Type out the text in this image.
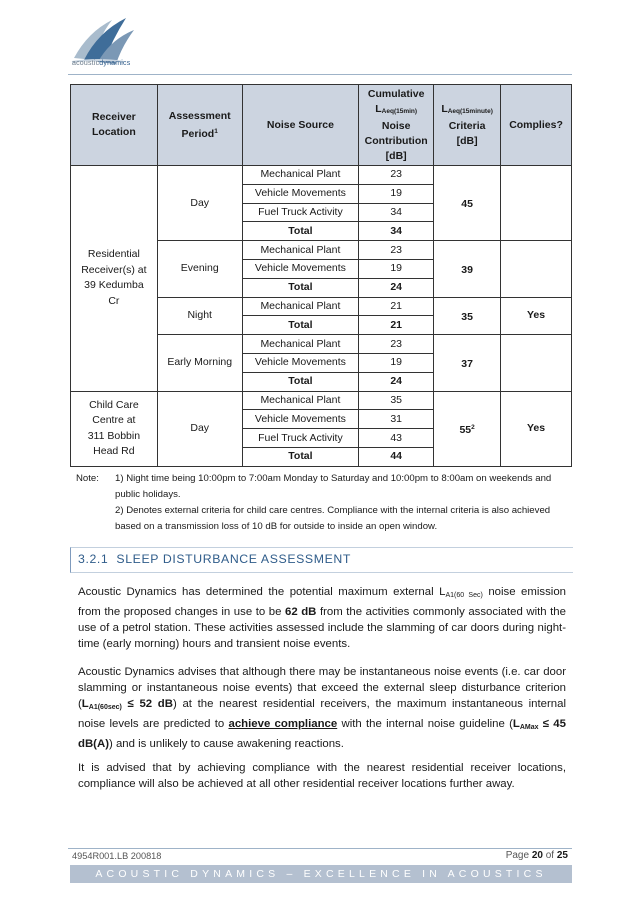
acousticdynamics
Receiver
Location	Assessment Period$^1$	Noise Source	Cumulative
LAeq(15min)
Noise
Contribution
[dB]	LAeq(15minute)
Criteria
[dB]	Complies?
Residential
Receiver(s) at
39 Kedumba
Cr	Day	Mechanical Plant	23	45	
		Vehicle Movements	19		
		Fuel Truck Activity	34		
		Total	34		
	Evening	Mechanical Plant	23	39	
		Vehicle Movements	19		
		Total	24		
	Night	Mechanical Plant	21	35	Yes
		Total	21		
	Early Morning	Mechanical Plant	23	37	
		Vehicle Movements	19		
		Total	24		
Child Care
Centre at
311 Bobbin
Head Rd	Day	Mechanical Plant	35	$55^2$	Yes
		Vehicle Movements	31		
		Fuel Truck Activity	43		
		Total	44		
Note: 1) Night time being 10:00pm to 7:00am Monday to Saturday and 10:00pm to 8:00am on weekends and public holidays.
2) Denotes external criteria for child care centres. Compliance with the internal criteria is also achieved based on a transmission loss of 10 dB for outside to inside an open window.
3.2.1 SLEEP DISTURBANCE ASSESSMENT
Acoustic Dynamics has determined the potential maximum external LA1(60 Sec) noise emission from the proposed changes in use to be 62 dB from the activities commonly associated with the use of a petrol station. These activities assessed include the slamming of car doors during night-time (early morning) hours and transient noise events.
Acoustic Dynamics advises that although there may be instantaneous noise events (i.e. car door slamming or instantaneous noise events) that exceed the external sleep disturbance criterion (LA1(60sec) ≤ 52 dB) at the nearest residential receivers, the maximum instantaneous internal noise levels are predicted to achieve compliance with the internal noise guideline (LAMax ≤ 45 dB(A)) and is unlikely to cause awakening reactions.
It is advised that by achieving compliance with the nearest residential receiver locations, compliance will also be achieved at all other residential receiver locations further away.
4954R001.LB 200818	Page 20 of 25
ACOUSTIC DYNAMICS – EXCELLENCE IN ACOUSTICS
